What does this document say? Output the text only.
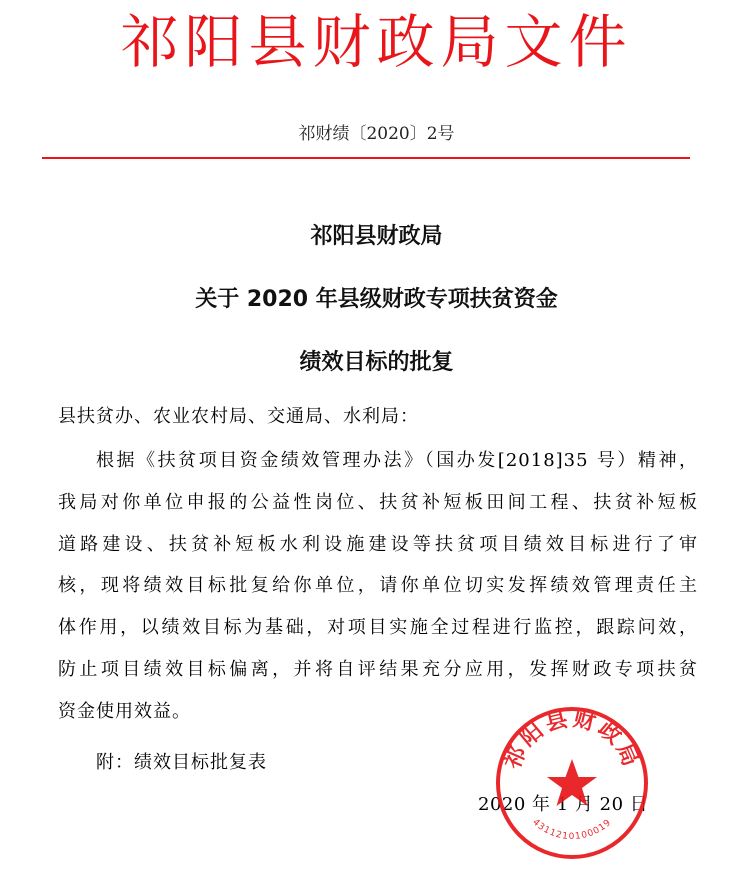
祁阳县财政局文件
祁财绩〔2020〕2号
祁阳县财政局
关于 2020 年县级财政专项扶贫资金
绩效目标的批复
县扶贫办、农业农村局、交通局、水利局：
根据《扶贫项目资金绩效管理办法》（国办发[2018]35 号）精神，
我局对你单位申报的公益性岗位、扶贫补短板田间工程、扶贫补短板
道路建设、扶贫补短板水利设施建设等扶贫项目绩效目标进行了审
核，现将绩效目标批复给你单位，请你单位切实发挥绩效管理责任主
体作用，以绩效目标为基础，对项目实施全过程进行监控，跟踪问效，
防止项目绩效目标偏离，并将自评结果充分应用，发挥财政专项扶贫
资金使用效益。
附：绩效目标批复表
2020 年 1 月 20 日
祁阳县财政局
4311210100019
